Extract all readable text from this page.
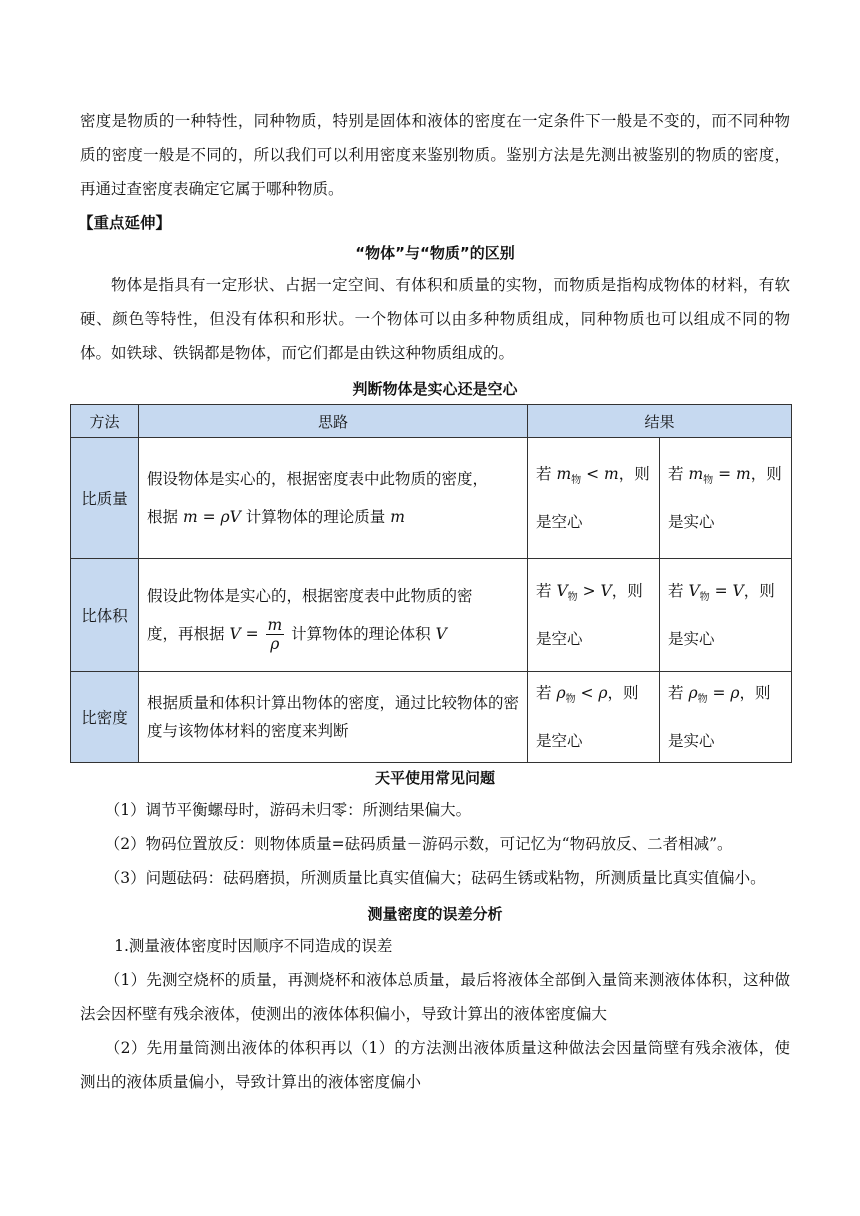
密度是物质的一种特性，同种物质，特别是固体和液体的密度在一定条件下一般是不变的，而不同种物质的密度一般是不同的，所以我们可以利用密度来鉴别物质。鉴别方法是先测出被鉴别的物质的密度，再通过查密度表确定它属于哪种物质。

【重点延伸】
“物体”与“物质”的区别

物体是指具有一定形状、占据一定空间、有体积和质量的实物，而物质是指构成物体的材料，有软硬、颜色等特性，但没有体积和形状。一个物体可以由多种物质组成，同种物质也可以组成不同的物体。如铁球、铁锅都是物体，而它们都是由铁这种物质组成的。

判断物体是实心还是空心
方法	思路	结果	
比质量	假设物体是实心的，根据密度表中此物质的密度，
根据 m = ρV 计算物体的理论质量 m	若 $m_物 < m$，则
是空心	若 $m_物 = m$，则
是实心
比体积	假设此物体是实心的，根据密度表中此物质的密
度，再根据 $V = \frac{m}{\rho}$ 计算物体的理论体积 V	若 $V_物 > V$，则
是空心	若 $V_物 = V$，则
是实心
比密度	根据质量和体积计算出物体的密度，通过比较物体的密度与该物体材料的密度来判断	若 $\rho_物 < \rho$，则
是空心	若 $\rho_物 = \rho$，则
是实心
天平使用常见问题

（1）调节平衡螺母时，游码未归零：所测结果偏大。

（2）物码位置放反：则物体质量=砝码质量－游码示数，可记忆为“物码放反、二者相减”。

（3）问题砝码：砝码磨损，所测质量比真实值偏大；砝码生锈或粘物，所测质量比真实值偏小。

测量密度的误差分析

1.测量液体密度时因顺序不同造成的误差

（1）先测空烧杯的质量，再测烧杯和液体总质量，最后将液体全部倒入量筒来测液体体积，这种做法会因杯壁有残余液体，使测出的液体体积偏小，导致计算出的液体密度偏大

（2）先用量筒测出液体的体积再以（1）的方法测出液体质量这种做法会因量筒壁有残余液体，使测出的液体质量偏小，导致计算出的液体密度偏小
